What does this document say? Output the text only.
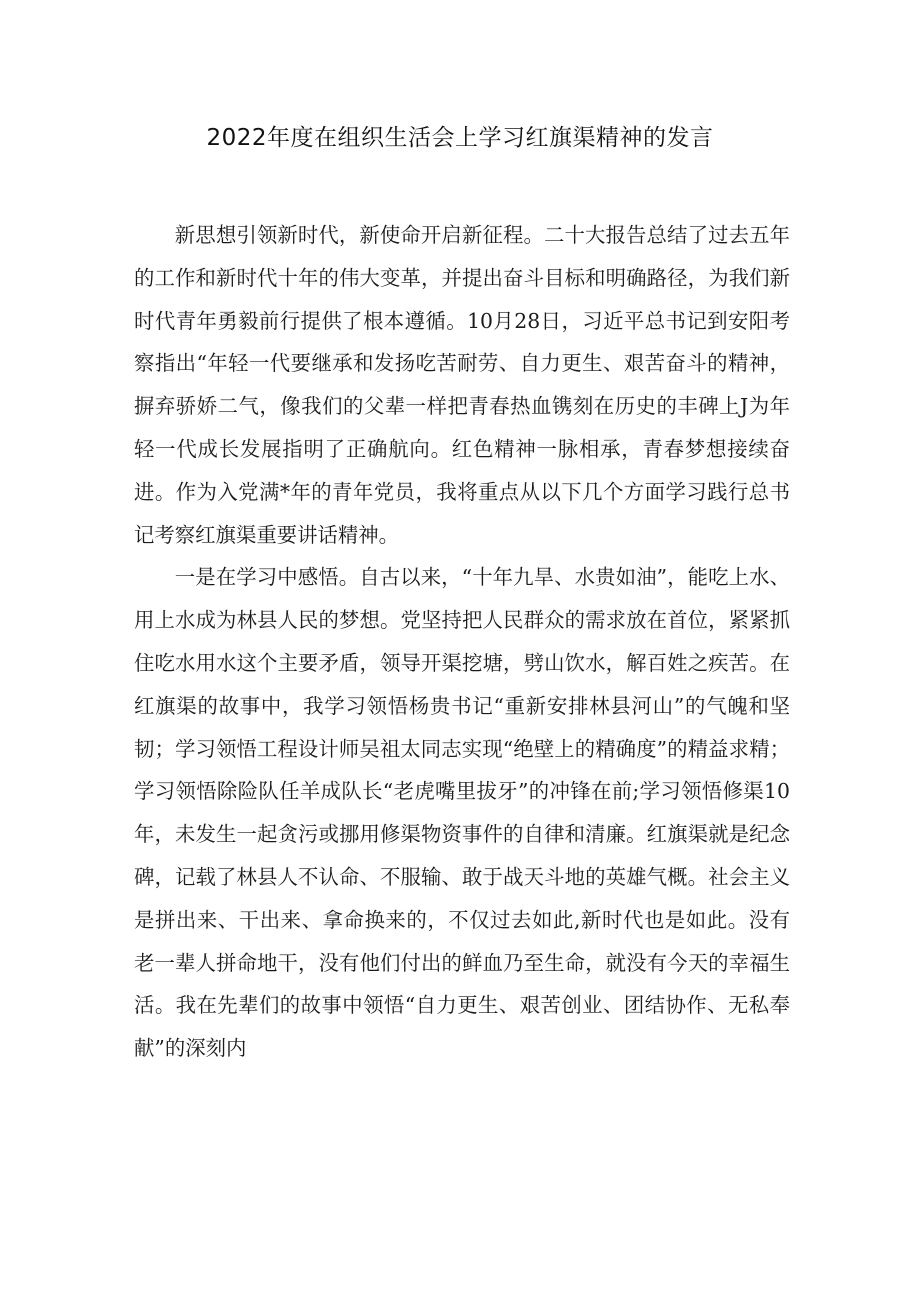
2022年度在组织生活会上学习红旗渠精神的发言

新思想引领新时代，新使命开启新征程。二十大报告总结了过去五年的工作和新时代十年的伟大变革，并提出奋斗目标和明确路径，为我们新时代青年勇毅前行提供了根本遵循。10月28日，习近平总书记到安阳考察指出“年轻一代要继承和发扬吃苦耐劳、自力更生、艰苦奋斗的精神，摒弃骄娇二气，像我们的父辈一样把青春热血镌刻在历史的丰碑上J为年轻一代成长发展指明了正确航向。红色精神一脉相承，青春梦想接续奋进。作为入党满*年的青年党员，我将重点从以下几个方面学习践行总书记考察红旗渠重要讲话精神。

一是在学习中感悟。自古以来，“十年九旱、水贵如油”，能吃上水、用上水成为林县人民的梦想。党坚持把人民群众的需求放在首位，紧紧抓住吃水用水这个主要矛盾，领导开渠挖塘，劈山饮水，解百姓之疾苦。在红旗渠的故事中，我学习领悟杨贵书记“重新安排林县河山”的气魄和坚韧；学习领悟工程设计师吴祖太同志实现“绝壁上的精确度”的精益求精；学习领悟除险队任羊成队长“老虎嘴里拔牙”的冲锋在前;学习领悟修渠10年，未发生一起贪污或挪用修渠物资事件的自律和清廉。红旗渠就是纪念碑，记载了林县人不认命、不服输、敢于战天斗地的英雄气概。社会主义是拼出来、干出来、拿命换来的，不仅过去如此,新时代也是如此。没有老一辈人拼命地干，没有他们付出的鲜血乃至生命，就没有今天的幸福生活。我在先辈们的故事中领悟“自力更生、艰苦创业、团结协作、无私奉献”的深刻内
